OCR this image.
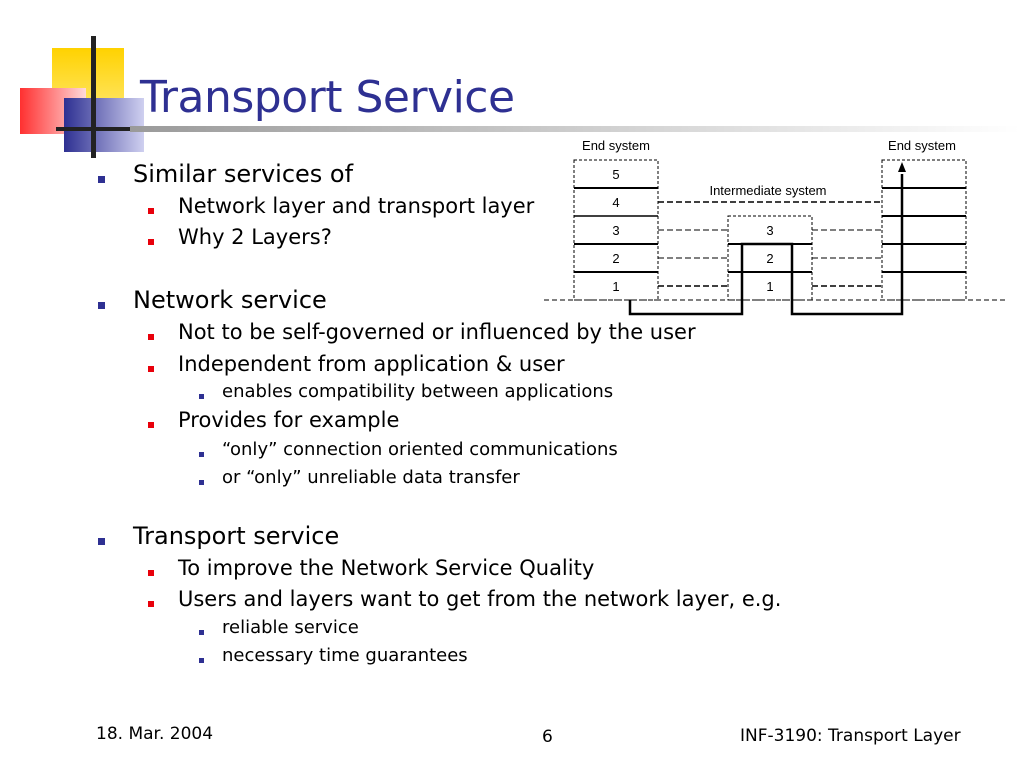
Transport Service
Similar services of
Network layer and transport layer
Why 2 Layers?
Network service
Not to be self-governed or influenced by the user
Independent from application & user
enables compatibility between applications
Provides for example
“only” connection oriented communications
or “only” unreliable data transfer
Transport service
To improve the Network Service Quality
Users and layers want to get from the network layer, e.g.
reliable service
necessary time guarantees
End system	End system
Intermediate system
5
4
3
2
1
3
2
1
18. Mar. 2004	6	INF-3190: Transport Layer
